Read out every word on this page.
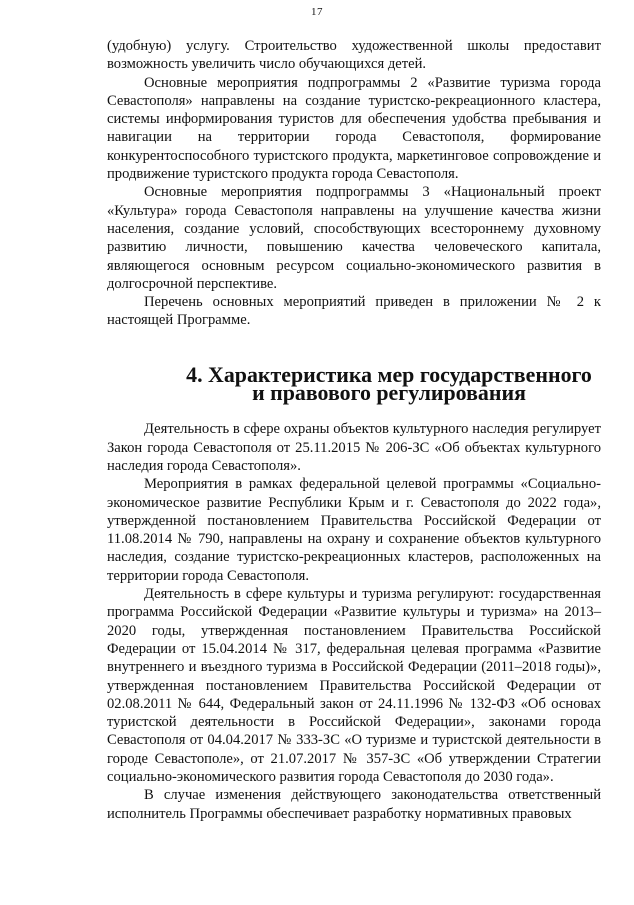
17

(удобную) услугу. Строительство художественной школы предоставит возможность увеличить число обучающихся детей.

Основные мероприятия подпрограммы 2 «Развитие туризма города Севастополя» направлены на создание туристско-рекреационного кластера, системы информирования туристов для обеспечения удобства пребывания и навигации на территории города Севастополя, формирование конкурентоспособного туристского продукта, маркетинговое сопровождение и продвижение туристского продукта города Севастополя.

Основные мероприятия подпрограммы 3 «Национальный проект «Культура» города Севастополя направлены на улучшение качества жизни населения, создание условий, способствующих всестороннему духовному развитию личности, повышению качества человеческого капитала, являющегося основным ресурсом социально-экономического развития в долгосрочной перспективе.

Перечень основных мероприятий приведен в приложении № 2 к настоящей Программе.

4. Характеристика мер государственного
и правового регулирования

Деятельность в сфере охраны объектов культурного наследия регулирует Закон города Севастополя от 25.11.2015 № 206-ЗС «Об объектах культурного наследия города Севастополя».

Мероприятия в рамках федеральной целевой программы «Социально-экономическое развитие Республики Крым и г. Севастополя до 2022 года», утвержденной постановлением Правительства Российской Федерации от 11.08.2014 № 790, направлены на охрану и сохранение объектов культурного наследия, создание туристско-рекреационных кластеров, расположенных на территории города Севастополя.

Деятельность в сфере культуры и туризма регулируют: государственная программа Российской Федерации «Развитие культуры и туризма» на 2013–2020 годы, утвержденная постановлением Правительства Российской Федерации от 15.04.2014 № 317, федеральная целевая программа «Развитие внутреннего и въездного туризма в Российской Федерации (2011–2018 годы)», утвержденная постановлением Правительства Российской Федерации от 02.08.2011 № 644, Федеральный закон от 24.11.1996 № 132-ФЗ «Об основах туристской деятельности в Российской Федерации», законами города Севастополя от 04.04.2017 № 333-ЗС «О туризме и туристской деятельности в городе Севастополе», от 21.07.2017 № 357-ЗС «Об утверждении Стратегии социально-экономического развития города Севастополя до 2030 года».

В случае изменения действующего законодательства ответственный исполнитель Программы обеспечивает разработку нормативных правовых
